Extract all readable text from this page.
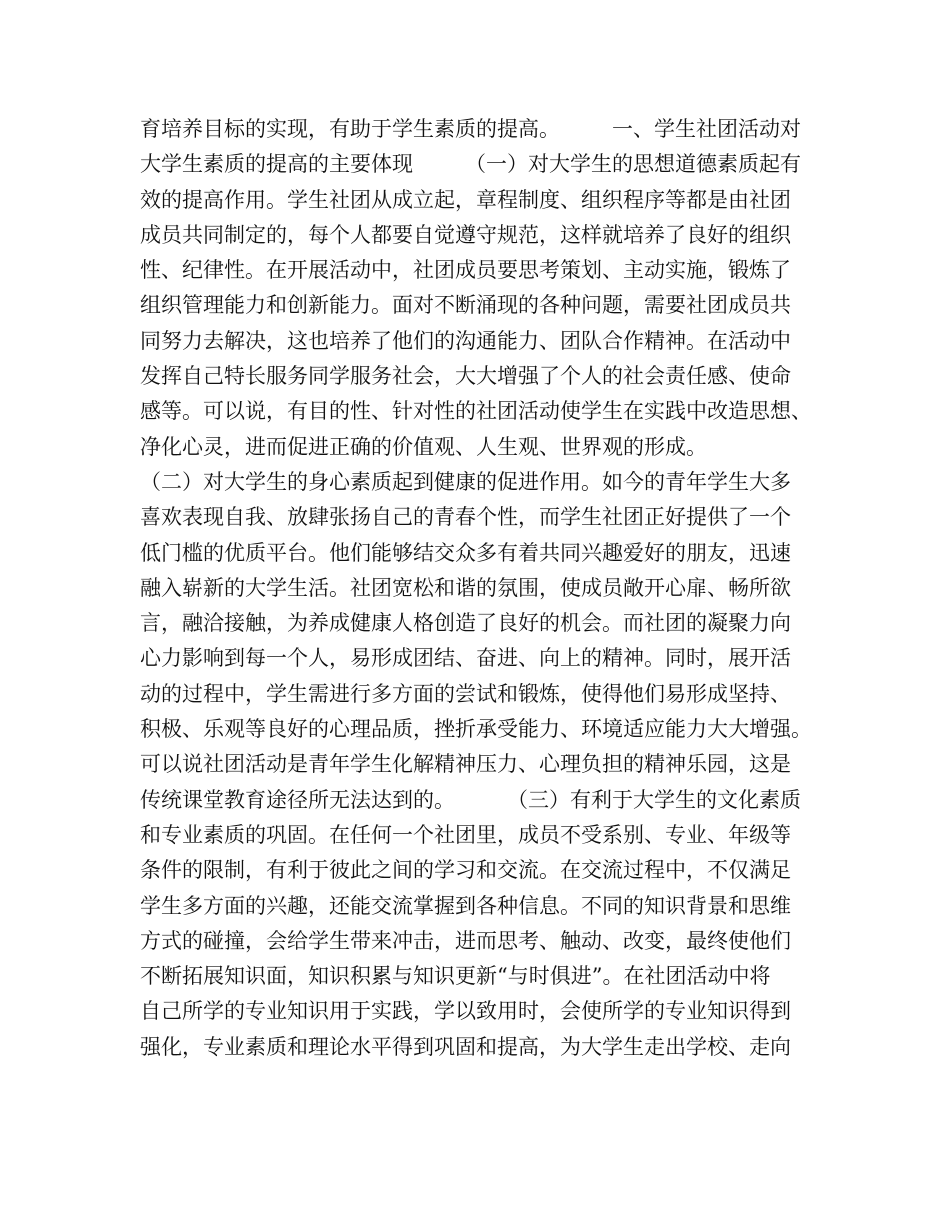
育培养目标的实现，有助于学生素质的提高。 一、学生社团活动对
大学生素质的提高的主要体现 （一）对大学生的思想道德素质起有
效的提高作用。学生社团从成立起，章程制度、组织程序等都是由社团
成员共同制定的，每个人都要自觉遵守规范，这样就培养了良好的组织
性、纪律性。在开展活动中，社团成员要思考策划、主动实施，锻炼了
组织管理能力和创新能力。面对不断涌现的各种问题，需要社团成员共
同努力去解决，这也培养了他们的沟通能力、团队合作精神。在活动中
发挥自己特长服务同学服务社会，大大增强了个人的社会责任感、使命
感等。可以说，有目的性、针对性的社团活动使学生在实践中改造思想、
净化心灵，进而促进正确的价值观、人生观、世界观的形成。
（二）对大学生的身心素质起到健康的促进作用。如今的青年学生大多
喜欢表现自我、放肆张扬自己的青春个性，而学生社团正好提供了一个
低门槛的优质平台。他们能够结交众多有着共同兴趣爱好的朋友，迅速
融入崭新的大学生活。社团宽松和谐的氛围，使成员敞开心扉、畅所欲
言，融洽接触，为养成健康人格创造了良好的机会。而社团的凝聚力向
心力影响到每一个人，易形成团结、奋进、向上的精神。同时，展开活
动的过程中，学生需进行多方面的尝试和锻炼，使得他们易形成坚持、
积极、乐观等良好的心理品质，挫折承受能力、环境适应能力大大增强。
可以说社团活动是青年学生化解精神压力、心理负担的精神乐园，这是
传统课堂教育途径所无法达到的。 （三）有利于大学生的文化素质
和专业素质的巩固。在任何一个社团里，成员不受系别、专业、年级等
条件的限制，有利于彼此之间的学习和交流。在交流过程中，不仅满足
学生多方面的兴趣，还能交流掌握到各种信息。不同的知识背景和思维
方式的碰撞，会给学生带来冲击，进而思考、触动、改变，最终使他们
不断拓展知识面，知识积累与知识更新“与时俱进”。在社团活动中将
自己所学的专业知识用于实践，学以致用时，会使所学的专业知识得到
强化，专业素质和理论水平得到巩固和提高，为大学生走出学校、走向
